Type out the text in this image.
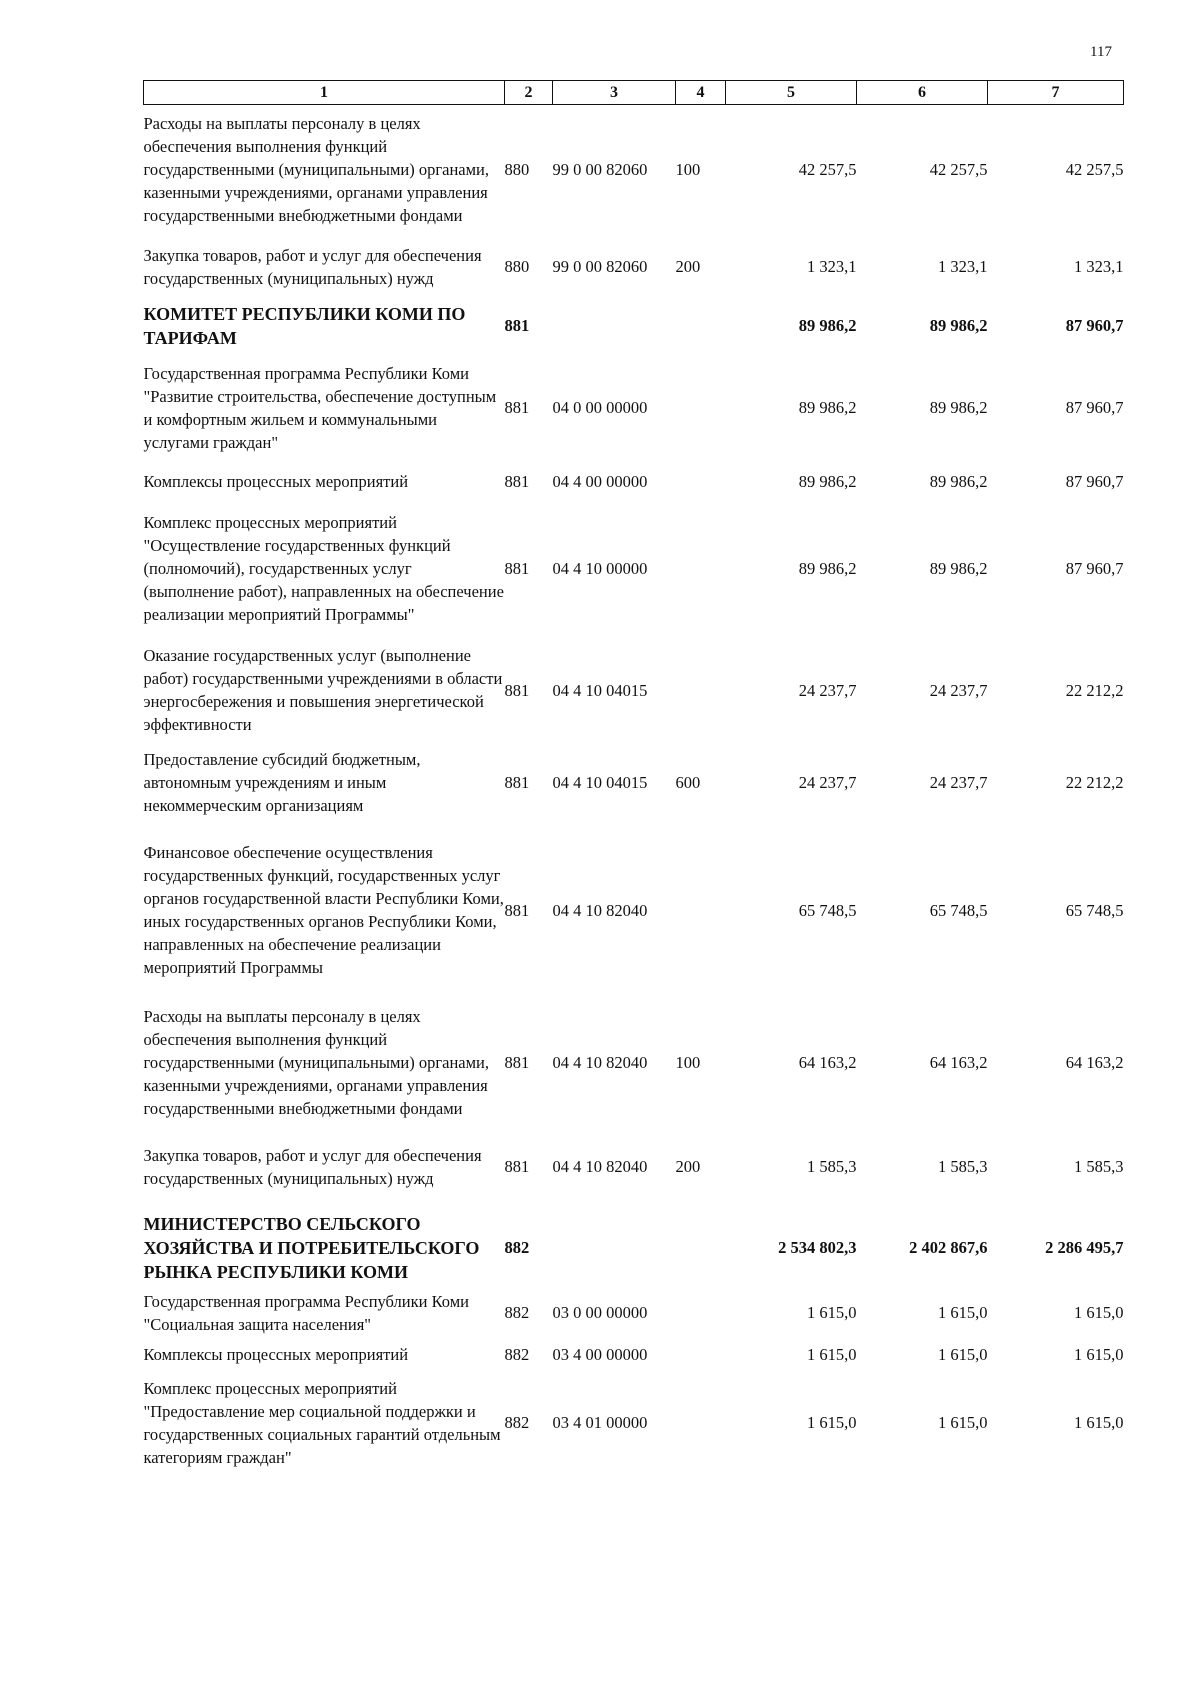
117
1	2	3	4	5	6	7
Расходы на выплаты персоналу в целях обеспечения выполнения функций государственными (муниципальными) органами, казенными учреждениями, органами управления государственными внебюджетными фондами	880	99 0 00 82060	100	42 257,5	42 257,5	42 257,5
Закупка товаров, работ и услуг для обеспечения государственных (муниципальных) нужд	880	99 0 00 82060	200	1 323,1	1 323,1	1 323,1
КОМИТЕТ РЕСПУБЛИКИ КОМИ ПО ТАРИФАМ	881			89 986,2	89 986,2	87 960,7
Государственная программа Республики Коми "Развитие строительства, обеспечение доступным и комфортным жильем и коммунальными услугами граждан"	881	04 0 00 00000		89 986,2	89 986,2	87 960,7
Комплексы процессных мероприятий	881	04 4 00 00000		89 986,2	89 986,2	87 960,7
Комплекс процессных мероприятий "Осуществление государственных функций (полномочий), государственных услуг (выполнение работ), направленных на обеспечение реализации мероприятий Программы"	881	04 4 10 00000		89 986,2	89 986,2	87 960,7
Оказание государственных услуг (выполнение работ) государственными учреждениями в области энергосбережения и повышения энергетической эффективности	881	04 4 10 04015		24 237,7	24 237,7	22 212,2
Предоставление субсидий бюджетным, автономным учреждениям и иным некоммерческим организациям	881	04 4 10 04015	600	24 237,7	24 237,7	22 212,2
Финансовое обеспечение осуществления государственных функций, государственных услуг органов государственной власти Республики Коми, иных государственных органов Республики Коми, направленных на обеспечение реализации мероприятий Программы	881	04 4 10 82040		65 748,5	65 748,5	65 748,5
Расходы на выплаты персоналу в целях обеспечения выполнения функций государственными (муниципальными) органами, казенными учреждениями, органами управления государственными внебюджетными фондами	881	04 4 10 82040	100	64 163,2	64 163,2	64 163,2
Закупка товаров, работ и услуг для обеспечения государственных (муниципальных) нужд	881	04 4 10 82040	200	1 585,3	1 585,3	1 585,3
МИНИСТЕРСТВО СЕЛЬСКОГО ХОЗЯЙСТВА И ПОТРЕБИТЕЛЬСКОГО РЫНКА РЕСПУБЛИКИ КОМИ	882			2 534 802,3	2 402 867,6	2 286 495,7
Государственная программа Республики Коми "Социальная защита населения"	882	03 0 00 00000		1 615,0	1 615,0	1 615,0
Комплексы процессных мероприятий	882	03 4 00 00000		1 615,0	1 615,0	1 615,0
Комплекс процессных мероприятий "Предоставление мер социальной поддержки и государственных социальных гарантий отдельным категориям граждан"	882	03 4 01 00000		1 615,0	1 615,0	1 615,0
